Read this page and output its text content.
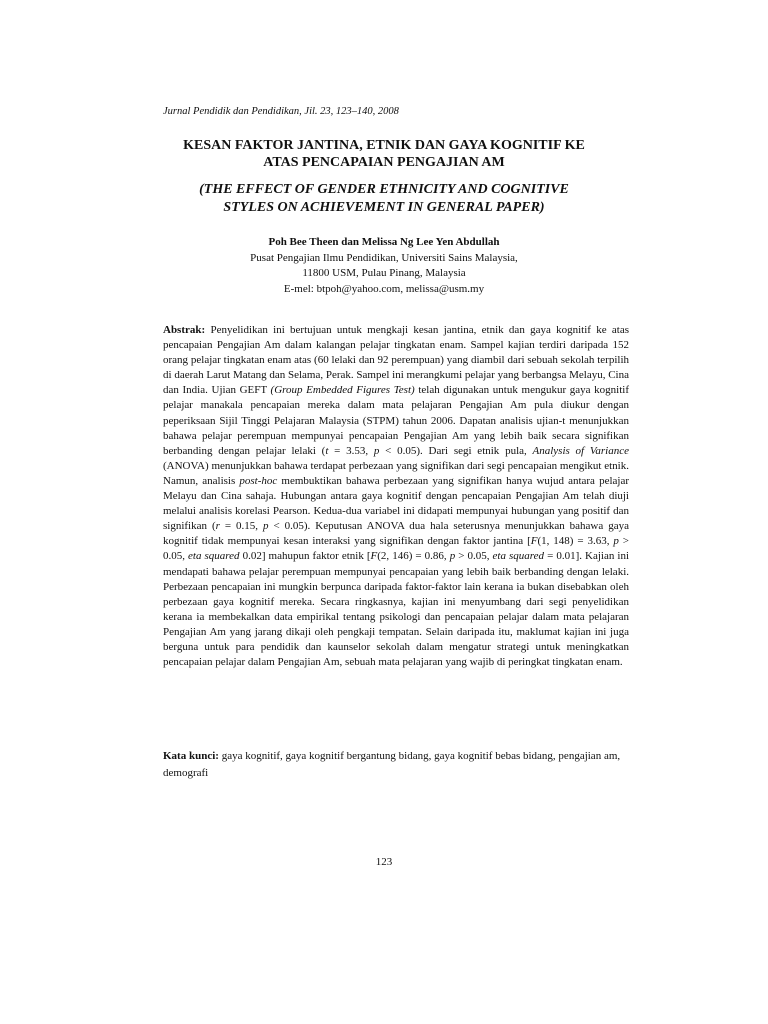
Jurnal Pendidik dan Pendidikan, Jil. 23, 123–140, 2008
KESAN FAKTOR JANTINA, ETNIK DAN GAYA KOGNITIF KE
ATAS PENCAPAIAN PENGAJIAN AM
(THE EFFECT OF GENDER ETHNICITY AND COGNITIVE
STYLES ON ACHIEVEMENT IN GENERAL PAPER)
Poh Bee Theen dan Melissa Ng Lee Yen Abdullah
Pusat Pengajian Ilmu Pendidikan, Universiti Sains Malaysia,
11800 USM, Pulau Pinang, Malaysia
E-mel: btpoh@yahoo.com, melissa@usm.my
Abstrak: Penyelidikan ini bertujuan untuk mengkaji kesan jantina, etnik dan gaya kognitif ke atas pencapaian Pengajian Am dalam kalangan pelajar tingkatan enam. Sampel kajian terdiri daripada 152 orang pelajar tingkatan enam atas (60 lelaki dan 92 perempuan) yang diambil dari sebuah sekolah terpilih di daerah Larut Matang dan Selama, Perak. Sampel ini merangkumi pelajar yang berbangsa Melayu, Cina dan India. Ujian GEFT (Group Embedded Figures Test) telah digunakan untuk mengukur gaya kognitif pelajar manakala pencapaian mereka dalam mata pelajaran Pengajian Am pula diukur dengan peperiksaan Sijil Tinggi Pelajaran Malaysia (STPM) tahun 2006. Dapatan analisis ujian-t menunjukkan bahawa pelajar perempuan mempunyai pencapaian Pengajian Am yang lebih baik secara signifikan berbanding dengan pelajar lelaki (t = 3.53, p < 0.05). Dari segi etnik pula, Analysis of Variance (ANOVA) menunjukkan bahawa terdapat perbezaan yang signifikan dari segi pencapaian mengikut etnik. Namun, analisis post-hoc membuktikan bahawa perbezaan yang signifikan hanya wujud antara pelajar Melayu dan Cina sahaja. Hubungan antara gaya kognitif dengan pencapaian Pengajian Am telah diuji melalui analisis korelasi Pearson. Kedua-dua variabel ini didapati mempunyai hubungan yang positif dan signifikan (r = 0.15, p < 0.05). Keputusan ANOVA dua hala seterusnya menunjukkan bahawa gaya kognitif tidak mempunyai kesan interaksi yang signifikan dengan faktor jantina [F(1, 148) = 3.63, p > 0.05, eta squared 0.02] mahupun faktor etnik [F(2, 146) = 0.86, p > 0.05, eta squared = 0.01]. Kajian ini mendapati bahawa pelajar perempuan mempunyai pencapaian yang lebih baik berbanding dengan lelaki. Perbezaan pencapaian ini mungkin berpunca daripada faktor-faktor lain kerana ia bukan disebabkan oleh perbezaan gaya kognitif mereka. Secara ringkasnya, kajian ini menyumbang dari segi penyelidikan kerana ia membekalkan data empirikal tentang psikologi dan pencapaian pelajar dalam mata pelajaran Pengajian Am yang jarang dikaji oleh pengkaji tempatan. Selain daripada itu, maklumat kajian ini juga berguna untuk para pendidik dan kaunselor sekolah dalam mengatur strategi untuk meningkatkan pencapaian pelajar dalam Pengajian Am, sebuah mata pelajaran yang wajib di peringkat tingkatan enam.
Kata kunci: gaya kognitif, gaya kognitif bergantung bidang, gaya kognitif bebas bidang, pengajian am, demografi
123
